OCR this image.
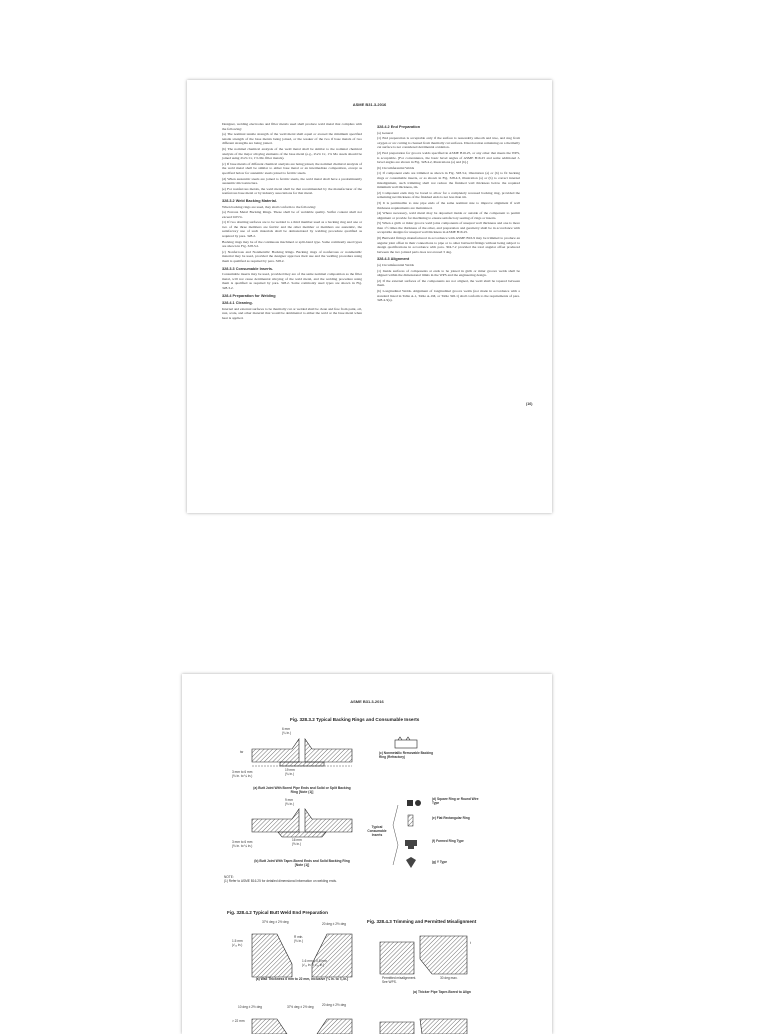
ASME B31.3-2016

Designer, welding electrodes and filler metals used shall produce weld metal that complies with the following:

(a) The nominal tensile strength of the weld metal shall equal or exceed the minimum specified tensile strength of the base metals being joined, or the weaker of the two if base metals of two different strengths are being joined.

(b) The nominal chemical analysis of the weld metal shall be similar to the nominal chemical analysis of the major alloying elements of the base metal (e.g., 2¼% Cr, 1% Mo steels should be joined using 2¼% Cr, 1% Mo filler metals).

(c) If base metals of different chemical analysis are being joined, the nominal chemical analysis of the weld metal shall be similar to either base metal or an intermediate composition, except as specified below for austenitic steels joined to ferritic steels.

(d) When austenitic steels are joined to ferritic steels, the weld metal shall have a predominantly austenitic microstructure.

(e) For nonferrous metals, the weld metal shall be that recommended by the manufacturer of the nonferrous base metal or by industry associations for that metal.

328.3.2 Weld Backing Material.

When backing rings are used, they shall conform to the following:

(a) Ferrous Metal Backing Rings. These shall be of weldable quality. Sulfur content shall not exceed 0.05%.

(1) If two abutting surfaces are to be welded to a third member used as a backing ring and one or two of the three members are ferritic and the other member or members are austenitic, the satisfactory use of such materials shall be demonstrated by welding procedure qualified as required by para. 328.2.

Backing rings may be of the continuous machined or split-band type. Some commonly used types are shown in Fig. 328.3.2.

(c) Nonferrous and Nonmetallic Backing Rings. Backing rings of nonferrous or nonmetallic material may be used, provided the designer approves their use and the welding procedure using them is qualified as required by para. 328.2.

328.3.3 Consumable Inserts.

Consumable inserts may be used, provided they are of the same nominal composition as the filler metal, will not cause detrimental alloying of the weld metal, and the welding procedure using them is qualified as required by para. 328.2. Some commonly used types are shown in Fig. 328.3.2.

328.4 Preparation for Welding

328.4.1 Cleaning.

Internal and external surfaces to be thermally cut or welded shall be clean and free from paint, oil, rust, scale, and other material that would be detrimental to either the weld or the base metal when heat is applied.

328.4.2 End Preparation

(a) General

(1) End preparation is acceptable only if the surface is reasonably smooth and true, and slag from oxygen or arc cutting is cleaned from thermally cut surfaces. Discoloration remaining on a thermally cut surface is not considered detrimental oxidation.

(2) End preparation for groove welds specified in ASME B16.25, or any other that meets the WPS, is acceptable. [For convenience, the basic bevel angles of ASME B16.25 and some additional J-bevel angles are shown in Fig. 328.4.2, illustrations (a) and (b).]

(b) Circumferential Welds

(1) If component ends are trimmed as shown in Fig. 328.3.2, illustration (a) or (b) to fit backing rings or consumable inserts, or as shown in Fig. 328.4.3, illustration (a) or (b) to correct internal misalignment, such trimming shall not reduce the finished wall thickness below the required minimum wall thickness, tm.

(2) Component ends may be bored to allow for a completely recessed backing ring, provided the remaining net thickness of the finished ends is not less than tm.

(3) It is permissible to size pipe ends of the same nominal size to improve alignment if wall thickness requirements are maintained.

(4) Where necessary, weld metal may be deposited inside or outside of the component to permit alignment or provide for machining to ensure satisfactory seating of rings or inserts.

(5) When a girth or miter groove weld joins components of unequal wall thickness and one is more than 1½ times the thickness of the other, end preparation and geometry shall be in accordance with acceptable designs for unequal wall thickness in ASME B16.25.

(6) Buttweld fittings manufactured in accordance with ASME B16.9 may be trimmed to produce an angular joint offset in their connections to pipe or to other buttweld fittings without being subject to design qualifications in accordance with para. 304.7.2 provided the total angular offset produced between the two jointed parts does not exceed 3 deg.

328.4.3 Alignment

(a) Circumferential Welds

(1) Inside surfaces of components at ends to be joined in girth or miter groove welds shall be aligned within the dimensional limits in the WPS and the engineering design.

(2) If the external surfaces of the components are not aligned, the weld shall be tapered between them.

(b) Longitudinal Welds. Alignment of longitudinal groove welds (not made in accordance with a standard listed in Table A-1, Table A-1M, or Table 326.1) shall conform to the requirements of para. 328.4.3(a).

(16)
ASME B31.3-2016
Fig. 328.3.2 Typical Backing Rings and Consumable Inserts
6 mm
(¼ in.)
tw
3 mm to 6 mm
(⅛ in. to ¼ in.)
19 mm
(¾ in.)
(a) Butt Joint With Bored Pipe Ends and Solid or Split Backing Ring [Note (1)]
9 mm
(⅜ in.)
3 mm to 6 mm
(⅛ in. to ¼ in.)
16 mm
(⅝ in.)
(b) Butt Joint With Taper-Bored Ends and Solid Backing Ring [Note (1)]
(c) Nonmetallic Removable Backing Ring (Refractory)
(d) Square Ring or Round Wire Type
(e) Flat Rectangular Ring
(f) Formed Ring Type
(g) Y Type
Typical Consumable Inserts
NOTE:
(1) Refer to ASME B16.25 for detailed dimensional information on welding ends.
Fig. 328.4.2 Typical Butt Weld End Preparation
37½ deg ± 2½ deg	20 deg ± 2½ deg
1.5 mm
(¹⁄₁₆ in.)
R min.
(⅛ in.)
1.6 mm ± 0.8 mm
(¹⁄₁₆ in. ± ¹⁄₃₂ in.)
(a) Wall Thickness 6 mm to 22 mm, Inclusive (¼ in. to ⅞ in.)
10 deg ± 2½ deg	37½ deg ± 2½ deg	20 deg ± 2½ deg
> 22 mm
Fig. 328.4.3 Trimming and Permitted Misalignment
t
Permitted misalignment. See WPS.
30 deg max.
(a) Thicker Pipe Taper-Bored to Align
